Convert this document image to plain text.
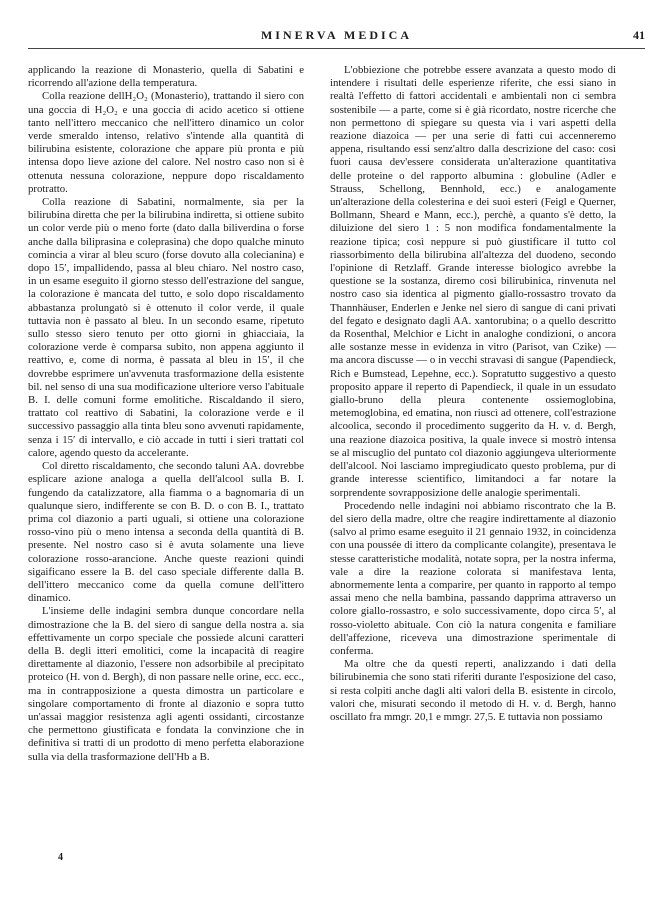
MINERVA MEDICA	41

applicando la reazione di Monasterio, quella di Sabatini e ricorrendo all'azione della temperatura.

Colla reazione dellH₂O₂ (Monasterio), trattando il siero con una goccia di H₂O₂ e una goccia di acido acetico si ottiene tanto nell'ittero meccanico che nell'ittero dinamico un color verde smeraldo intenso, relativo s'intende alla quantità di bilirubina esistente, colorazione che appare più pronta e più intensa dopo lieve azione del calore. Nel nostro caso non si è ottenuta nessuna colorazione, neppure dopo riscaldamento protratto.

Colla reazione di Sabatini, normalmente, sia per la bilirubina diretta che per la bilirubina indiretta, si ottiene subito un color verde più o meno forte (dato dalla biliverdina o forse anche dalla biliprasina e coleprasina) che dopo qualche minuto comincia a virar al bleu scuro (forse dovuto alla colecianina) e dopo 15′, impallidendo, passa al bleu chiaro. Nel nostro caso, in un esame eseguito il giorno stesso dell'estrazione del sangue, la colorazione è mancata del tutto, e solo dopo riscaldamento abbastanza prolungatò si è ottenuto il color verde, il quale tuttavia non è passato al bleu. In un secondo esame, ripetuto sullo stesso siero tenuto per otto giorni in ghiacciaia, la colorazione verde è comparsa subito, non appena aggiunto il reattivo, e, come di norma, è passata al bleu in 15′, il che dovrebbe esprimere un'avvenuta trasformazione della esistente bil. nel senso di una sua modificazione ulteriore verso l'abituale B. I. delle comuni forme emolitiche. Riscaldando il siero, trattato col reattivo di Sabatini, la colorazione verde e il successivo passaggio alla tinta bleu sono avvenuti rapidamente, senza i 15′ di intervallo, e ciò accade in tutti i sieri trattati col calore, agendo questo da accelerante.

Col diretto riscaldamento, che secondo taluni AA. dovrebbe esplicare azione analoga a quella dell'alcool sulla B. I. fungendo da catalizzatore, alla fiamma o a bagnomaria di un qualunque siero, indifferente se con B. D. o con B. I., trattato prima col diazonio a parti uguali, si ottiene una colorazione rosso-vino più o meno intensa a seconda della quantità di B. presente. Nel nostro caso si è avuta solamente una lieve colorazione rosso-arancione. Anche queste reazioni quindi sigaificano essere la B. del caso speciale differente dalla B. dell'ittero meccanico come da quella comune dell'ittero dinamico.

L'insieme delle indagini sembra dunque concordare nella dimostrazione che la B. del siero di sangue della nostra a. sia effettivamente un corpo speciale che possiede alcuni caratteri della B. degli itteri emolitici, come la incapacità di reagire direttamente al diazonio, l'essere non adsorbibile al precipitato proteico (H. von d. Bergh), di non passare nelle orine, ecc. ecc., ma in contrapposizione a questa dimostra un particolare e singolare comportamento di fronte al diazonio e sopra tutto un'assai maggior resistenza agli agenti ossidanti, circostanze che permettono giustificata e fondata la convinzione che in definitiva si tratti di un prodotto di meno perfetta elaborazione sulla via della trasformazione dell'Hb a B.

L'obbiezione che potrebbe essere avanzata a questo modo di intendere i risultati delle esperienze riferite, che essi siano in realtà l'effetto di fattori accidentali e ambientali non ci sembra sostenibile — a parte, come si è già ricordato, nostre ricerche che non permettono di spiegare su questa via i vari aspetti della reazione diazoica — per una serie di fatti cui accenneremo appena, risultando essi senz'altro dalla descrizione del caso: così fuori causa dev'essere considerata un'alterazione quantitativa delle proteine o del rapporto albumina : globuline (Adler e Strauss, Schellong, Bennhold, ecc.) e analogamente un'alterazione della colesterina e dei suoi esteri (Feigl e Querner, Bollmann, Sheard e Mann, ecc.), perchè, a quanto s'è detto, la diluizione del siero 1 : 5 non modifica fondamentalmente la reazione tipica; così neppure si può giustificare il tutto col riassorbimento della bilirubina all'altezza del duodeno, secondo l'opinione di Retzlaff. Grande interesse biologico avrebbe la questione se la sostanza, diremo così bilirubinica, rinvenuta nel nostro caso sia identica al pigmento giallo-rossastro trovato da Thannhäuser, Enderlen e Jenke nel siero di sangue di cani privati del fegato e designato dagli AA. xantorubina; o a quello descritto da Rosenthal, Melchior e Licht in analoghe condizioni, o ancora alle sostanze messe in evidenza in vitro (Parisot, van Czike) — ma ancora discusse — o in vecchi stravasi di sangue (Papendieck, Rich e Bumstead, Lepehne, ecc.). Sopratutto suggestivo a questo proposito appare il reperto di Papendieck, il quale in un essudato giallo-bruno della pleura contenente ossiemoglobina, metemoglobina, ed ematina, non riuscì ad ottenere, coll'estrazione alcoolica, secondo il procedimento suggerito da H. v. d. Bergh, una reazione diazoica positiva, la quale invece si mostrò intensa se al miscuglio del puntato col diazonio aggiungeva ulteriormente dell'alcool. Noi lasciamo impregiudicato questo problema, pur di grande interesse scientifico, limitandoci a far notare la sorprendente sovrapposizione delle analogie sperimentali.

Procedendo nelle indagini noi abbiamo riscontrato che la B. del siero della madre, oltre che reagire indirettamente al diazonio (salvo al primo esame eseguito il 21 gennaio 1932, in coincidenza con una poussée di ittero da complicante colangite), presentava le stesse caratteristiche modalità, notate sopra, per la nostra inferma, vale a dire la reazione colorata si manifestava lenta, abnormemente lenta a comparire, per quanto in rapporto al tempo assai meno che nella bambina, passando dapprima attraverso un colore giallo-rossastro, e solo successivamente, dopo circa 5′, al rosso-violetto abituale. Con ciò la natura congenita e familiare dell'affezione, riceveva una dimostrazione sperimentale di conferma.

Ma oltre che da questi reperti, analizzando i dati della bilirubinemia che sono stati riferiti durante l'esposizione del caso, si resta colpiti anche dagli alti valori della B. esistente in circolo, valori che, misurati secondo il metodo di H. v. d. Bergh, hanno oscillato fra mmgr. 20,1 e mmgr. 27,5. E tuttavia non possiamo

4
